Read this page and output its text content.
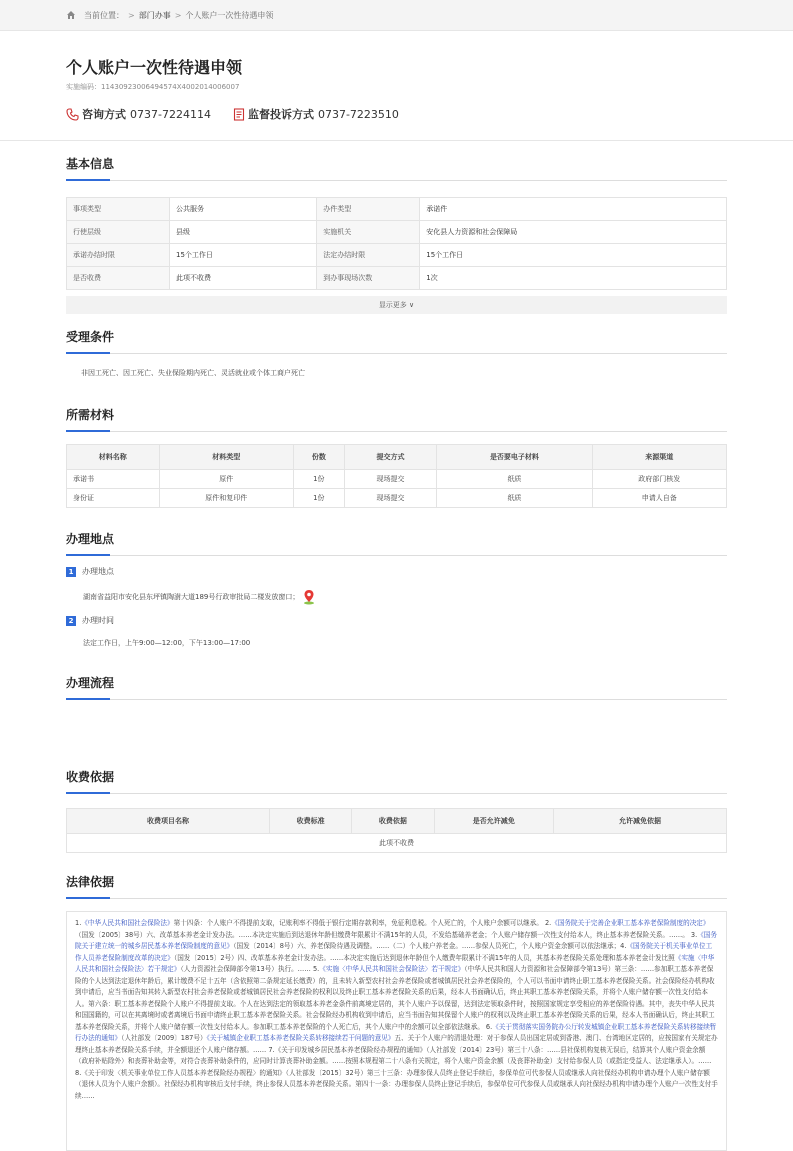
当前位置： > 部门办事 > 个人账户一次性待遇申领
个人账户一次性待遇申领
实施编码：11430923006494574X4002014006007
咨询方式 0737-7224114	监督投诉方式 0737-7223510
基本信息
事项类型	公共服务	办件类型	承诺件
行使层级	县级	实施机关	安化县人力资源和社会保障局
承诺办结时限	15个工作日	法定办结时限	15个工作日
是否收费	此项不收费	到办事现场次数	1次
显示更多 ∨
受理条件
非因工死亡、因工死亡、失业保险期内死亡、灵活就业或个体工商户死亡
所需材料
材料名称	材料类型	份数	提交方式	是否要电子材料	来源渠道
承诺书	原件	1份	现场提交	纸质	政府部门核发
身份证	原件和复印件	1份	现场提交	纸质	申请人自备
办理地点
1	办理地点
湖南省益阳市安化县东坪镇陶澍大道189号行政审批局二楼发放窗口；
2	办理时间
法定工作日，上午9:00—12:00，下午13:00—17:00
办理流程
收费依据
收费项目名称	收费标准	收费依据	是否允许减免	允许减免依据
此项不收费
法律依据
1.《中华人民共和国社会保险法》第十四条：个人账户不得提前支取，记账利率不得低于银行定期存款利率，免征利息税。个人死亡的，个人账户余额可以继承。 2.《国务院关于完善企业职工基本养老保险制度的决定》（国发〔2005〕38号）六、改革基本养老金计发办法。……本决定实施后到达退休年龄但缴费年限累计不满15年的人员，不发给基础养老金；个人账户储存额一次性支付给本人，终止基本养老保险关系。……。 3.《国务院关于建立统一的城乡居民基本养老保险制度的意见》（国发〔2014〕8号）六、养老保险待遇及调整。……（二）个人账户养老金。……参保人员死亡，个人账户资金余额可以依法继承；4.《国务院关于机关事业单位工作人员养老保险制度改革的决定》（国发〔2015〕2号）四、改革基本养老金计发办法。……本决定实施后达到退休年龄但个人缴费年限累计不满15年的人员，其基本养老保险关系处理和基本养老金计发比照《实施〈中华人民共和国社会保险法〉若干规定》（人力资源社会保障部令第13号）执行。…… 5.《实施〈中华人民共和国社会保险法〉若干规定》（中华人民共和国人力资源和社会保障部令第13号）第三条：……参加职工基本养老保险的个人达到法定退休年龄后，累计缴费不足十五年（含依照第二条规定延长缴费）的，且未转入新型农村社会养老保险或者城镇居民社会养老保险的，个人可以书面申请终止职工基本养老保险关系。社会保险经办机构收到申请后，应当书面告知其转入新型农村社会养老保险或者城镇居民社会养老保险的权利以及终止职工基本养老保险关系的后果，经本人书面确认后，终止其职工基本养老保险关系，并将个人账户储存额一次性支付给本人。第六条：职工基本养老保险个人账户不得提前支取。个人在达到法定的领取基本养老金条件前离境定居的，其个人账户予以保留，达到法定领取条件时，按照国家规定享受相应的养老保险待遇。其中，丧失中华人民共和国国籍的，可以在其离境时或者离境后书面申请终止职工基本养老保险关系。社会保险经办机构收到申请后，应当书面告知其保留个人账户的权利以及终止职工基本养老保险关系的后果，经本人书面确认后，终止其职工基本养老保险关系，并将个人账户储存额一次性支付给本人。参加职工基本养老保险的个人死亡后，其个人账户中的余额可以全部依法继承。 6.《关于贯彻落实国务院办公厅转发城镇企业职工基本养老保险关系转移接续暂行办法的通知》（人社部发〔2009〕187号）《关于城镇企业职工基本养老保险关系转移接续若干问题的意见》五、关于个人账户的清退处理：对于参保人员出国定居或到香港、澳门、台湾地区定居的，应按国家有关规定办理终止基本养老保险关系手续，并全额退还个人账户储存额。…… 7.《关于印发城乡居民基本养老保险经办规程的通知》（人社部发〔2014〕23号）第三十八条：……县社保机构复核无误后，结算其个人账户资金余额（政府补贴除外）和丧葬补助金等，对符合丧葬补助条件的，应同时计算丧葬补助金额。……按照本规程第二十八条有关规定，将个人账户资金余额（及丧葬补助金）支付给参保人员（或指定受益人、法定继承人）。…… 8.《关于印发〈机关事业单位工作人员基本养老保险经办规程〉的通知》（人社部发〔2015〕32号）第三十三条：办理参保人员终止登记手续后，参保单位可代参保人员或继承人向社保经办机构申请办理个人账户储存额（退休人员为个人账户余额）。社保经办机构审核后支付手续，终止参保人员基本养老保险关系。第四十一条：办理参保人员终止登记手续后，参保单位可代参保人员或继承人向社保经办机构申请办理个人账户一次性支付手续……
